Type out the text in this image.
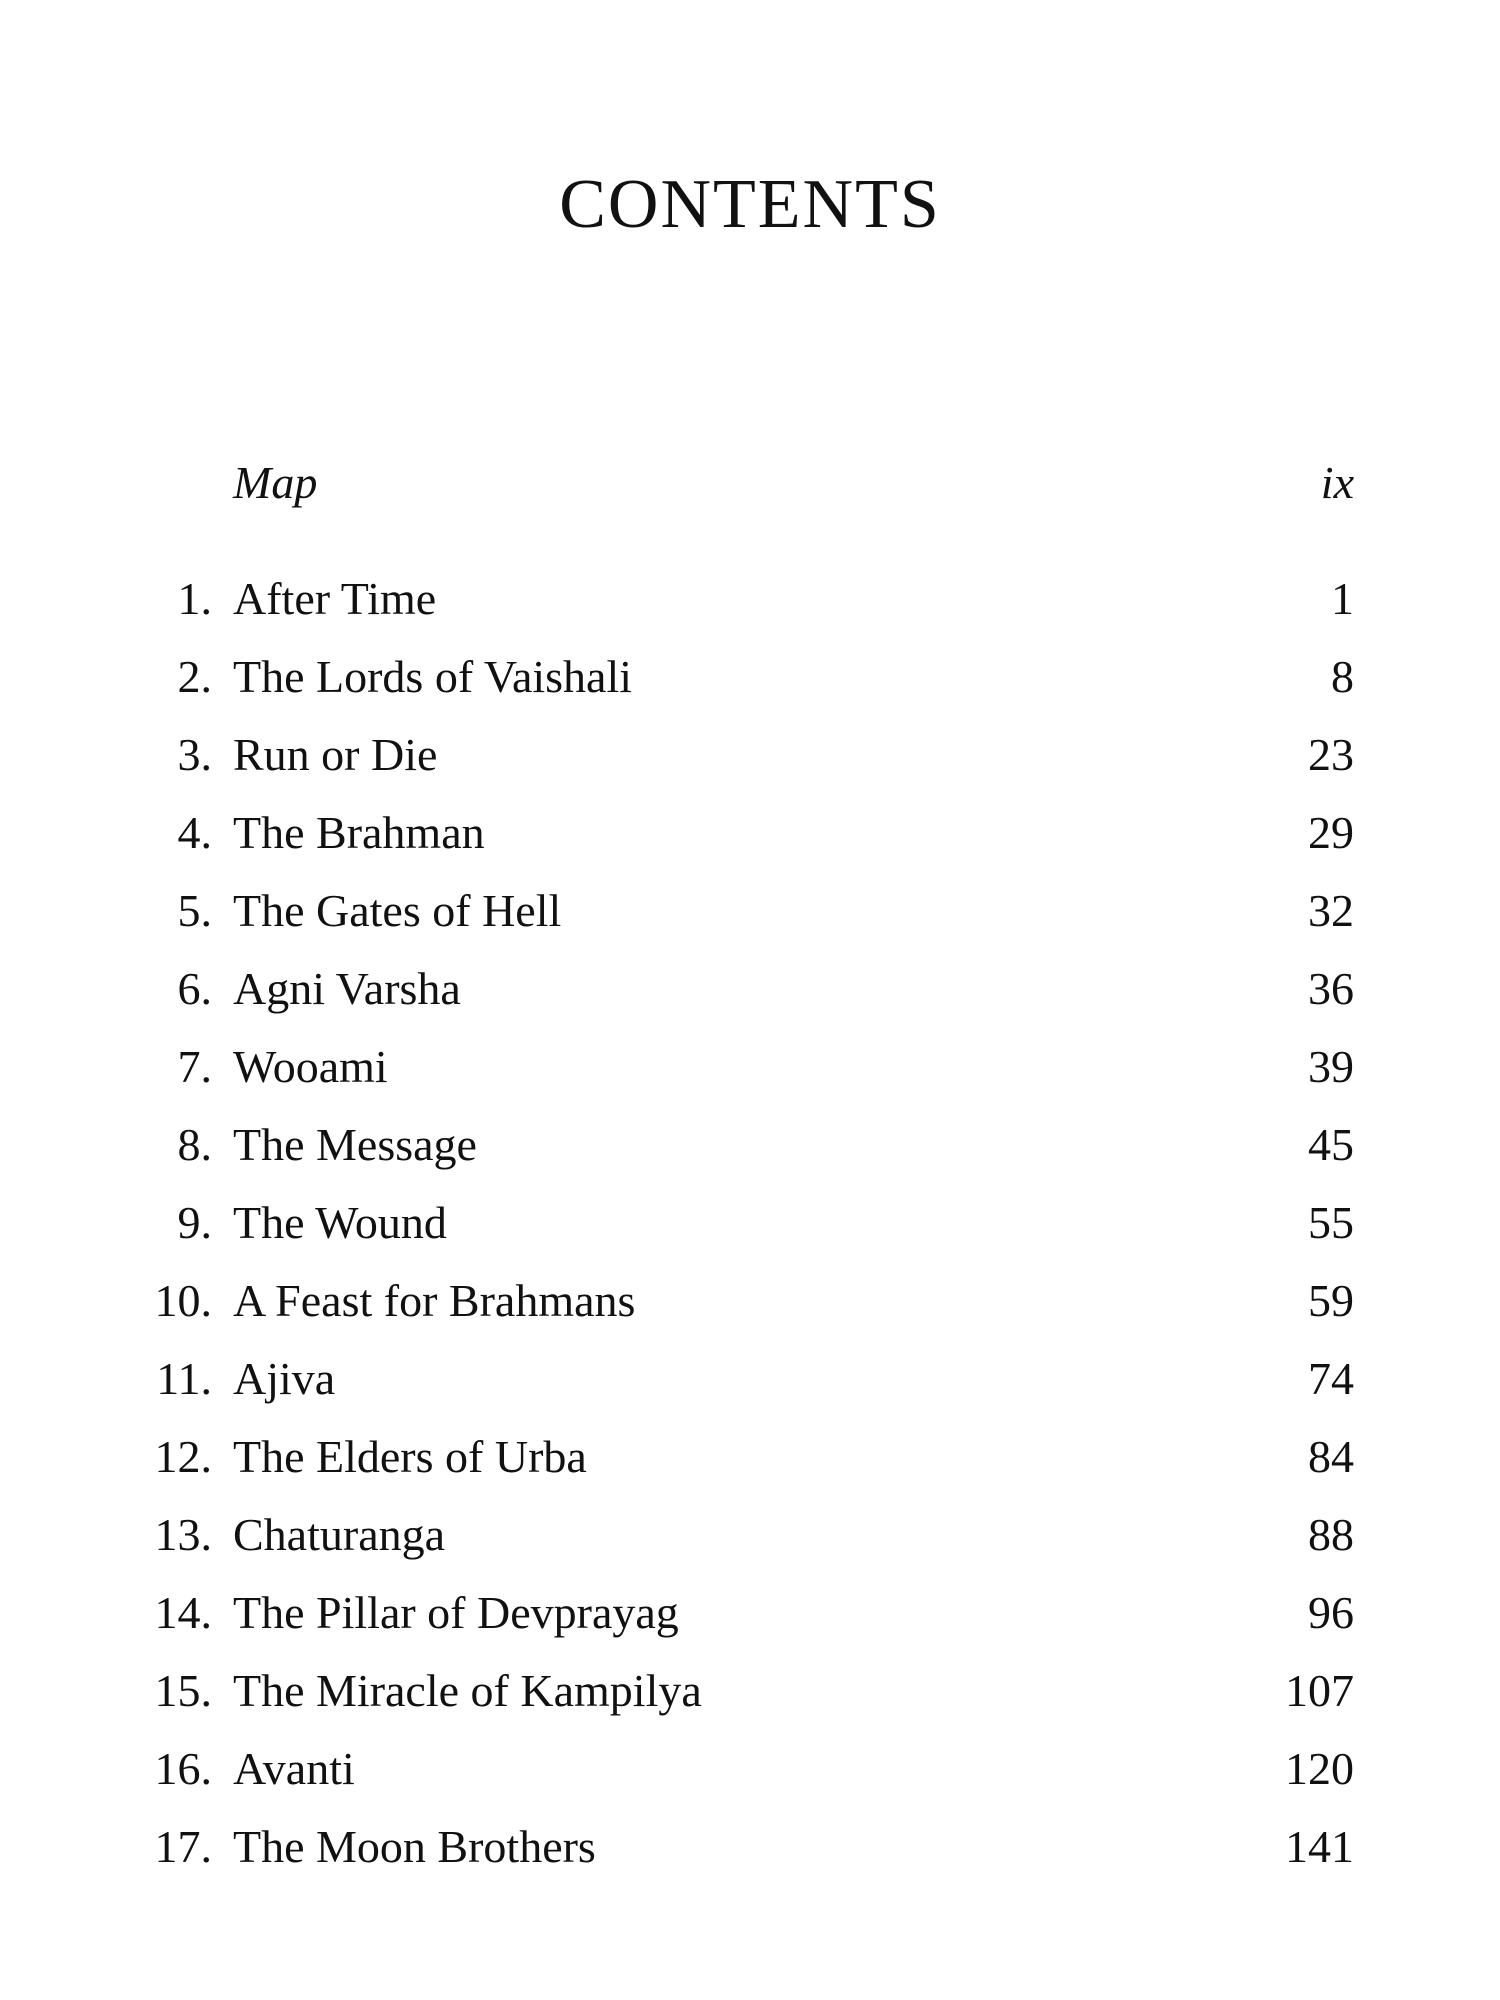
CONTENTS
Map	ix
1. After Time	1
2. The Lords of Vaishali	8
3. Run or Die	23
4. The Brahman	29
5. The Gates of Hell	32
6. Agni Varsha	36
7. Wooami	39
8. The Message	45
9. The Wound	55
10. A Feast for Brahmans	59
11. Ajiva	74
12. The Elders of Urba	84
13. Chaturanga	88
14. The Pillar of Devprayag	96
15. The Miracle of Kampilya	107
16. Avanti	120
17. The Moon Brothers	141
